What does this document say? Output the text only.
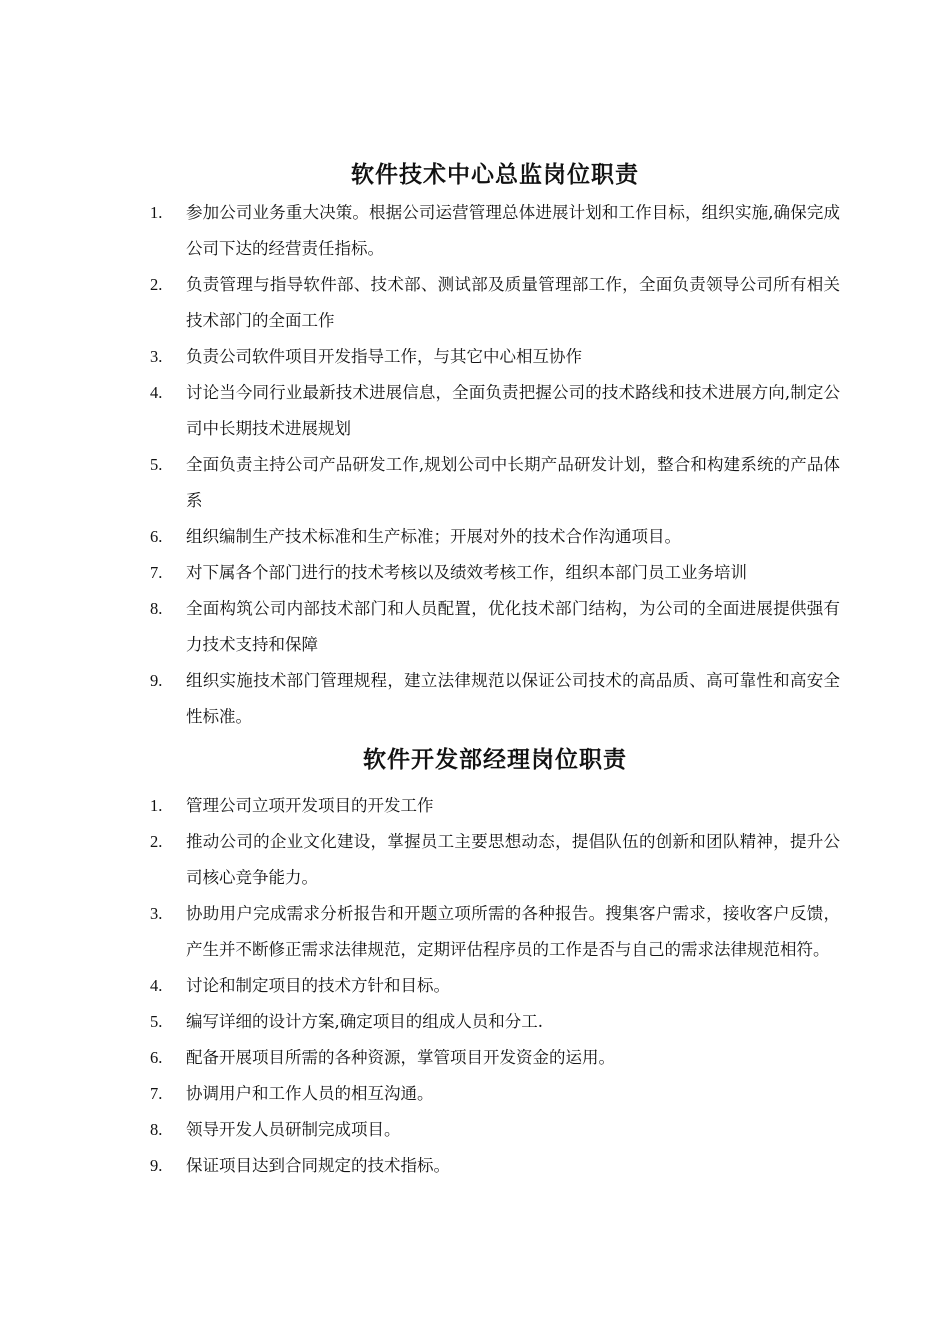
软件技术中心总监岗位职责
1.	参加公司业务重大决策。根据公司运营管理总体进展计划和工作目标，组织实施,确保完成公司下达的经营责任指标。
2.	负责管理与指导软件部、技术部、测试部及质量管理部工作，全面负责领导公司所有相关技术部门的全面工作
3.	负责公司软件项目开发指导工作，与其它中心相互协作
4.	讨论当今同行业最新技术进展信息，全面负责把握公司的技术路线和技术进展方向,制定公司中长期技术进展规划
5.	全面负责主持公司产品研发工作,规划公司中长期产品研发计划，整合和构建系统的产品体系
6.	组织编制生产技术标准和生产标准；开展对外的技术合作沟通项目。
7.	对下属各个部门进行的技术考核以及绩效考核工作，组织本部门员工业务培训
8.	全面构筑公司内部技术部门和人员配置，优化技术部门结构，为公司的全面进展提供强有力技术支持和保障
9.	组织实施技术部门管理规程，建立法律规范以保证公司技术的高品质、高可靠性和高安全性标准。
软件开发部经理岗位职责
1.	管理公司立项开发项目的开发工作
2.	推动公司的企业文化建设，掌握员工主要思想动态，提倡队伍的创新和团队精神，提升公司核心竞争能力。
3.	协助用户完成需求分析报告和开题立项所需的各种报告。搜集客户需求，接收客户反馈，产生并不断修正需求法律规范，定期评估程序员的工作是否与自己的需求法律规范相符。
4.	讨论和制定项目的技术方针和目标。
5.	编写详细的设计方案,确定项目的组成人员和分工.
6.	配备开展项目所需的各种资源，掌管项目开发资金的运用。
7.	协调用户和工作人员的相互沟通。
8.	领导开发人员研制完成项目。
9.	保证项目达到合同规定的技术指标。
